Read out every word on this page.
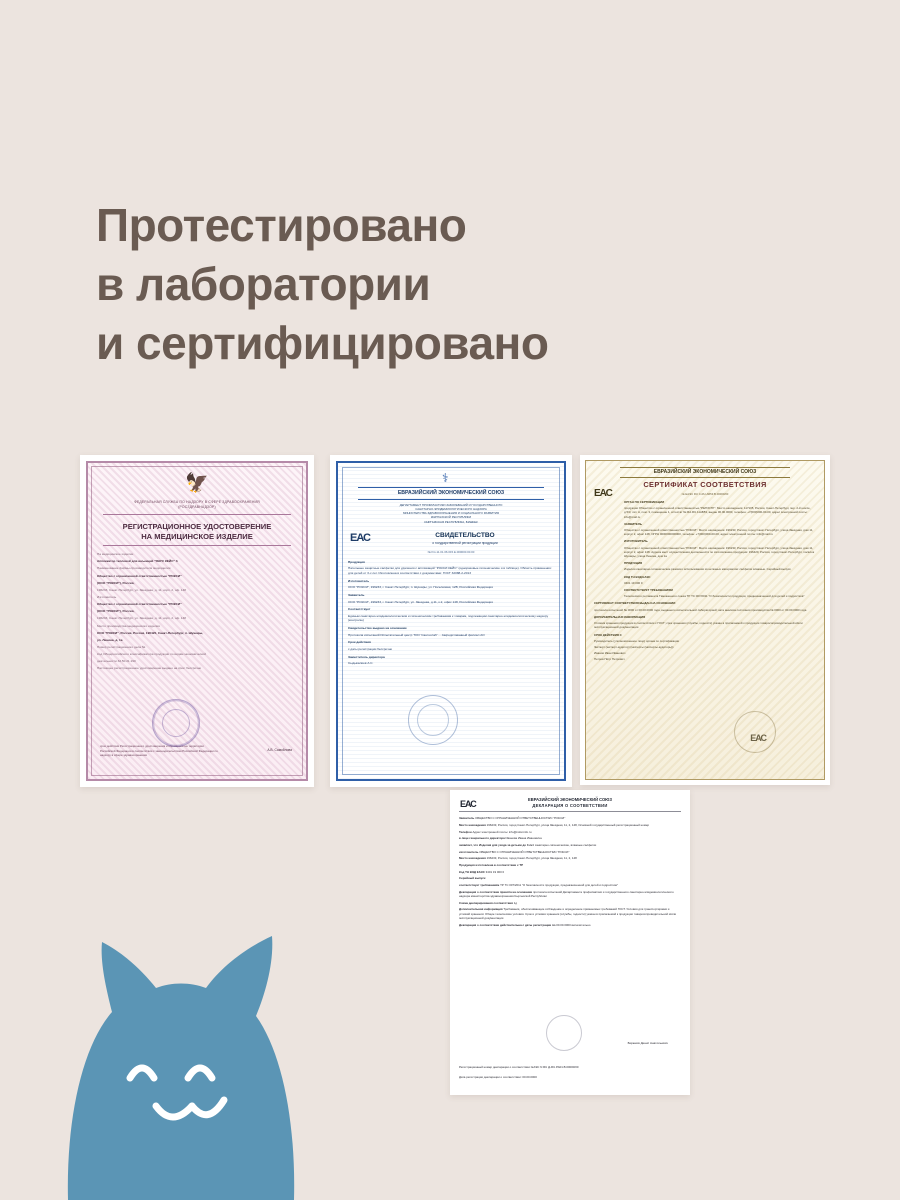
Протестировано
в лаборатории
и сертифицировано
🦅
ФЕДЕРАЛЬНАЯ СЛУЖБА ПО НАДЗОРУ В СФЕРЕ ЗДРАВООХРАНЕНИЯ
(РОСЗДРАВНАДЗОР)
РЕГИСТРАЦИОННОЕ УДОСТОВЕРЕНИЕ
НА МЕДИЦИНСКОЕ ИЗДЕЛИЕ

На медицинское изделие

Аппликатор тепловой для инъекций "ЯНУС КЕЙС" б

Наименование фирмы-производителя медизделия

Общество с ограниченной ответственностью "РОКСИ"

(ООО "РОКСИ"), Россия,

196233, Санкт-Петербург, ул. Звездная, д. 11, корп. 2, оф. 148

Изготовитель

Общество с ограниченной ответственностью "РОКСИ"

(ООО "РОКСИ"), Россия,

196233, Санкт-Петербург, ул. Звездная, д. 11, корп. 2, оф. 148

Место производства медицинского изделия

ООО "РОКСИ", Россия, Россия, 196420, Санкт-Петербург, п. Шушары,

ул. Ленина, д. 1а

Номер регистрационного дела №

Код Общероссийского классификатора продукции по видам экономической

деятельности 32.50.21.190

Настоящее регистрационное удостоверение выдано на срок: бессрочно

срок действия Регистрационного удостоверения и обращение на территории Российской Федерации в соответствии с законодательством Российской Федерации по надзору в сфере здравоохранения
А.В. Самойлова
⚕
ЕВРАЗИЙСКИЙ ЭКОНОМИЧЕСКИЙ СОЮЗ
ДЕПАРТАМЕНТ ПРОФИЛАКТИКИ ЗАБОЛЕВАНИЙ И ГОСУДАРСТВЕННОГО
САНИТАРНО-ЭПИДЕМИОЛОГИЧЕСКОГО НАДЗОРА
МИНИСТЕРСТВА ЗДРАВООХРАНЕНИЯ И СОЦИАЛЬНОГО РАЗВИТИЯ
КЫРГЫЗСКОЙ РЕСПУБЛИКИ
КЫРГЫЗСКАЯ РЕСПУБЛИКА, БИШКЕК
ЕАС	СВИДЕТЕЛЬСТВО
о государственной регистрации продукции
№ KG.11.01.06.015.E.000000.00.00

Продукция

Нательные защитные салфетки для удаления с аппликаций "РОКСИ КЕЙС" (одноразовые гигиенические и в таблице). Область применения: для детей от 3-х лет. Изготовлена в соответствии с документами: ГОСТ 32088-2-2013

Изготовитель

ООО "РОКСИ", 196233, г. Санкт-Петербург, п. Шушары, ул. Поселковая, 12В, Российская Федерация

Заявитель

ООО "РОКСИ", 196233, г. Санкт-Петербург, ул. Звездная, д.11, к.2, офис 148, Российская Федерация

Соответствует

Единым санитарно-эпидемиологическим и гигиеническим требованиям к товарам, подлежащим санитарно-эпидемиологическому надзору (контролю)

Свидетельство выдано на основании

Протокола испытаний Испытательный центр ТОО 'Сантехлаб' ... Аккредитованный филиал АО

Срок действия

с даты регистрации бессрочно

Заместитель директора

Сыдыкалиев А.С.

ЕВРАЗИЙСКИЙ ЭКОНОМИЧЕСКИЙ СОЮЗ
СЕРТИФИКАТ СООТВЕТСТВИЯ
№ ЕАЭС RU C-RU.АБ53.В.00000/00
ЕАС

ОРГАН ПО СЕРТИФИКАЦИИ

продукции Общество с ограниченной ответственностью "РЕГИСТР". Место нахождения: 117105, Россия, Санкт-Петербург, пер. 2-й шоссе, д.5/3, лит. А, пом. 3, помещение 1, аттестат № RA.RU.11АБ53, выдан 00.00.0000, телефон: +7(000)000-00-00, адрес электронной почты: info@mail.ru

ЗАЯВИТЕЛЬ

Общество с ограниченной ответственностью "РОКСИ". Место нахождения: 196233, Россия, город Санкт-Петербург, улица Звездная, дом 11, корпус 2, офис 148, ОГРН 0000000000000, телефон: +7(000)000-00-00, адрес электронной почты: info@mail.ru

ИЗГОТОВИТЕЛЬ

Общество с ограниченной ответственностью "РОКСИ". Место нахождения: 196233, Россия, город Санкт-Петербург, улица Звездная, дом 11, корпус 2, офис 148. Адреса мест осуществления деятельности по изготовлению продукции: 196420, Россия, город Санкт-Петербург, посёлок Шушары, улица Ленина, дом 1а

ПРОДУКЦИЯ

Изделия санитарно-гигиенические разового использования из нетканых материалов: салфетки влажные. Серийный выпуск

КОД ТН ВЭД ЕАЭС

3401 19 000 0

СООТВЕТСТВУЕТ ТРЕБОВАНИЯМ

Технического регламента Таможенного союза ТР ТС 007/2011 "О безопасности продукции, предназначенной для детей и подростков"

СЕРТИФИКАТ СООТВЕТСТВИЯ ВЫДАН НА ОСНОВАНИИ

протокола испытаний № 0000 от 00.00.0000 года, выданного испытательной лабораторией; акта анализа состояния производства № 0000 от 00.00.0000 года

ДОПОЛНИТЕЛЬНАЯ ИНФОРМАЦИЯ

Условия хранения продукции в соответствии с ГОСТ; срок хранения (службы, годности) указан в прилагаемой к продукции товаросопроводительной и/или эксплуатационной документации

СРОК ДЕЙСТВИЯ С

Руководитель (уполномоченное лицо) органа по сертификации

Эксперт (эксперт-аудитор) (эксперты (эксперты-аудиторы))

Иванов Иван Иванович

Петров Пётр Петрович

ЕАС
ЕАС	ЕВРАЗИЙСКИЙ ЭКОНОМИЧЕСКИЙ СОЮЗ
ДЕКЛАРАЦИЯ О СООТВЕТСТВИИ

Заявитель ОБЩЕСТВО С ОГРАНИЧЕННОЙ ОТВЕТСТВЕННОСТЬЮ "РОКСИ"

Место нахождения 196233, Россия, город Санкт-Петербург, улица Звездная, 11, 2, 148, Основной государственный регистрационный номер

Телефон Адрес электронной почты: info@roksi.info.ru

в лице генерального директора Иванова Ивана Ивановича

заявляет, что Изделия для ухода за детьми до 3 лет санитарно-гигиенические, влажные салфетки

изготовитель ОБЩЕСТВО С ОГРАНИЧЕННОЙ ОТВЕТСТВЕННОСТЬЮ "РОКСИ"

Место нахождения 196233, Россия, город Санкт-Петербург, улица Звездная, 11, 2, 148

Продукция изготовлена в соответствии с ТР

Код ТН ВЭД ЕАЭС 3401 19 000 0

Серийный выпуск

соответствует требованиям ТР ТС 007/2011 "О безопасности продукции, предназначенной для детей и подростков"

Декларация о соответствии принята на основании протокола испытаний Департамента профилактики и государственного санитарно-эпидемиологического надзора министерства здравоохранения Кыргызской Республики

Схема декларирования соответствия 1д

Дополнительная информация Требования, обеспечивающие соблюдение и определение применимых требований ГОСТ. Условия для транспортировки и условий хранения: Общие технические условия. Срок и условия хранения (службы, годности) указан в прилагаемой к продукции товаросопроводительной и/или эксплуатационной документации

Декларация о соответствии действительна с даты регистрации по 00.00.0000 включительно

Бирюков Денис Анатольевич
Регистрационный номер декларации о соответствии: ЕАЭС N RU Д-RU.РА01.В.00000/00
Дата регистрации декларации о соответствии: 00.00.0000
